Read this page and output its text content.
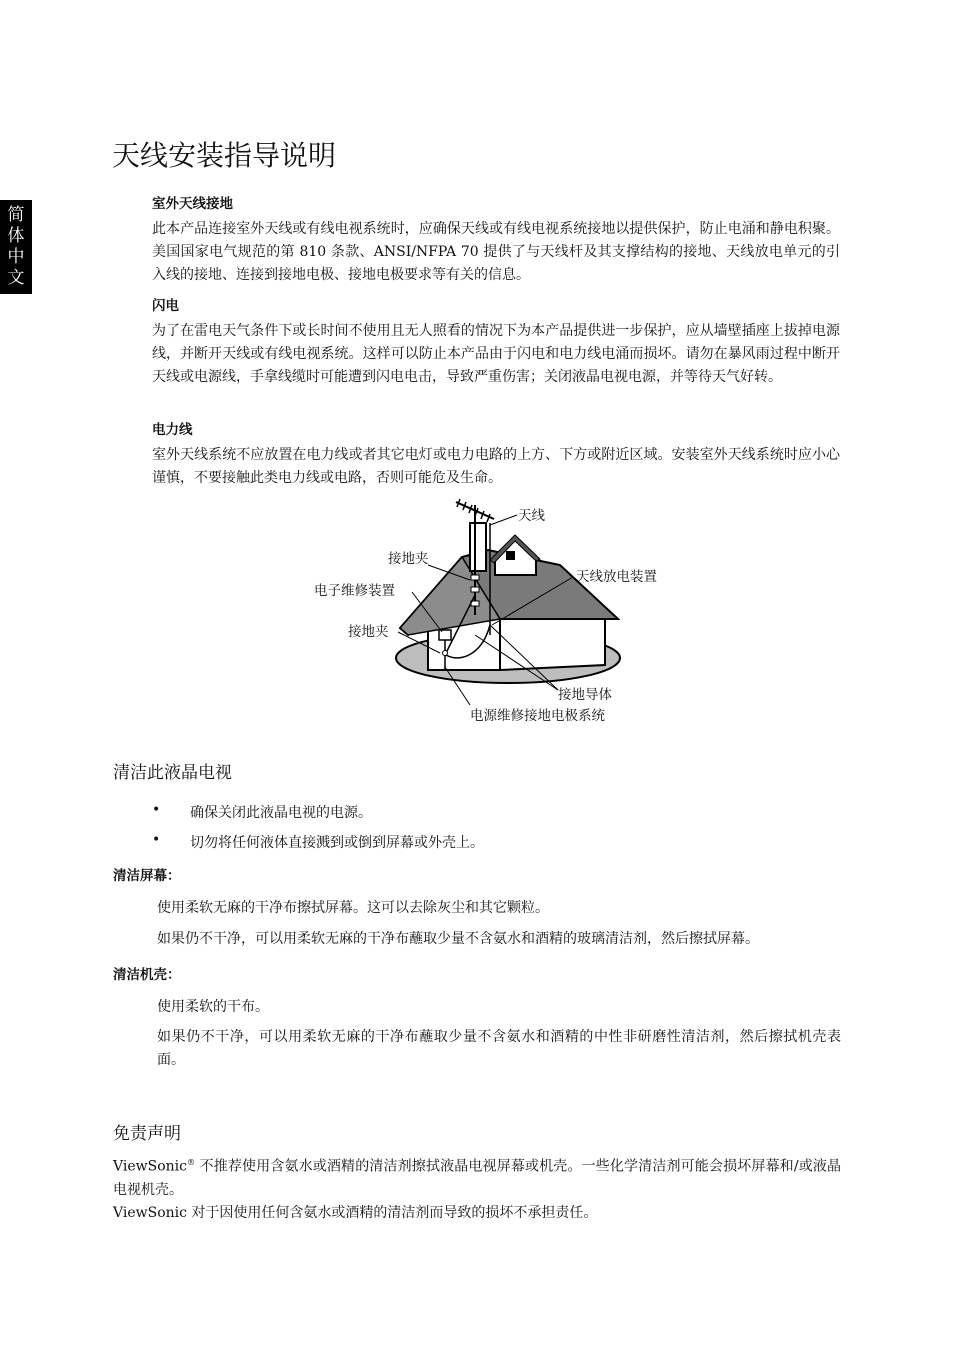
简
体
中
文
天线安装指导说明
室外天线接地
此本产品连接室外天线或有线电视系统时，应确保天线或有线电视系统接地以提供保护，防止电涌和静电积聚。美国国家电气规范的第 810 条款、ANSI/NFPA 70 提供了与天线杆及其支撑结构的接地、天线放电单元的引入线的接地、连接到接地电极、接地电极要求等有关的信息。
闪电
为了在雷电天气条件下或长时间不使用且无人照看的情况下为本产品提供进一步保护，应从墙壁插座上拔掉电源线，并断开天线或有线电视系统。这样可以防止本产品由于闪电和电力线电涌而损坏。请勿在暴风雨过程中断开天线或电源线，手拿线缆时可能遭到闪电电击，导致严重伤害；关闭液晶电视电源，并等待天气好转。
电力线
室外天线系统不应放置在电力线或者其它电灯或电力电路的上方、下方或附近区域。安装室外天线系统时应小心谨慎，不要接触此类电力线或电路，否则可能危及生命。
天线
接地夹
天线放电装置
电子维修装置
接地夹
接地导体
电源维修接地电极系统
清洁此液晶电视
• 确保关闭此液晶电视的电源。
• 切勿将任何液体直接溅到或倒到屏幕或外壳上。
清洁屏幕：
使用柔软无麻的干净布擦拭屏幕。这可以去除灰尘和其它颗粒。
如果仍不干净，可以用柔软无麻的干净布蘸取少量不含氨水和酒精的玻璃清洁剂，然后擦拭屏幕。
清洁机壳：
使用柔软的干布。
如果仍不干净，可以用柔软无麻的干净布蘸取少量不含氨水和酒精的中性非研磨性清洁剂，然后擦拭机壳表面。
免责声明
ViewSonic® 不推荐使用含氨水或酒精的清洁剂擦拭液晶电视屏幕或机壳。一些化学清洁剂可能会损坏屏幕和/或液晶电视机壳。
ViewSonic 对于因使用任何含氨水或酒精的清洁剂而导致的损坏不承担责任。
